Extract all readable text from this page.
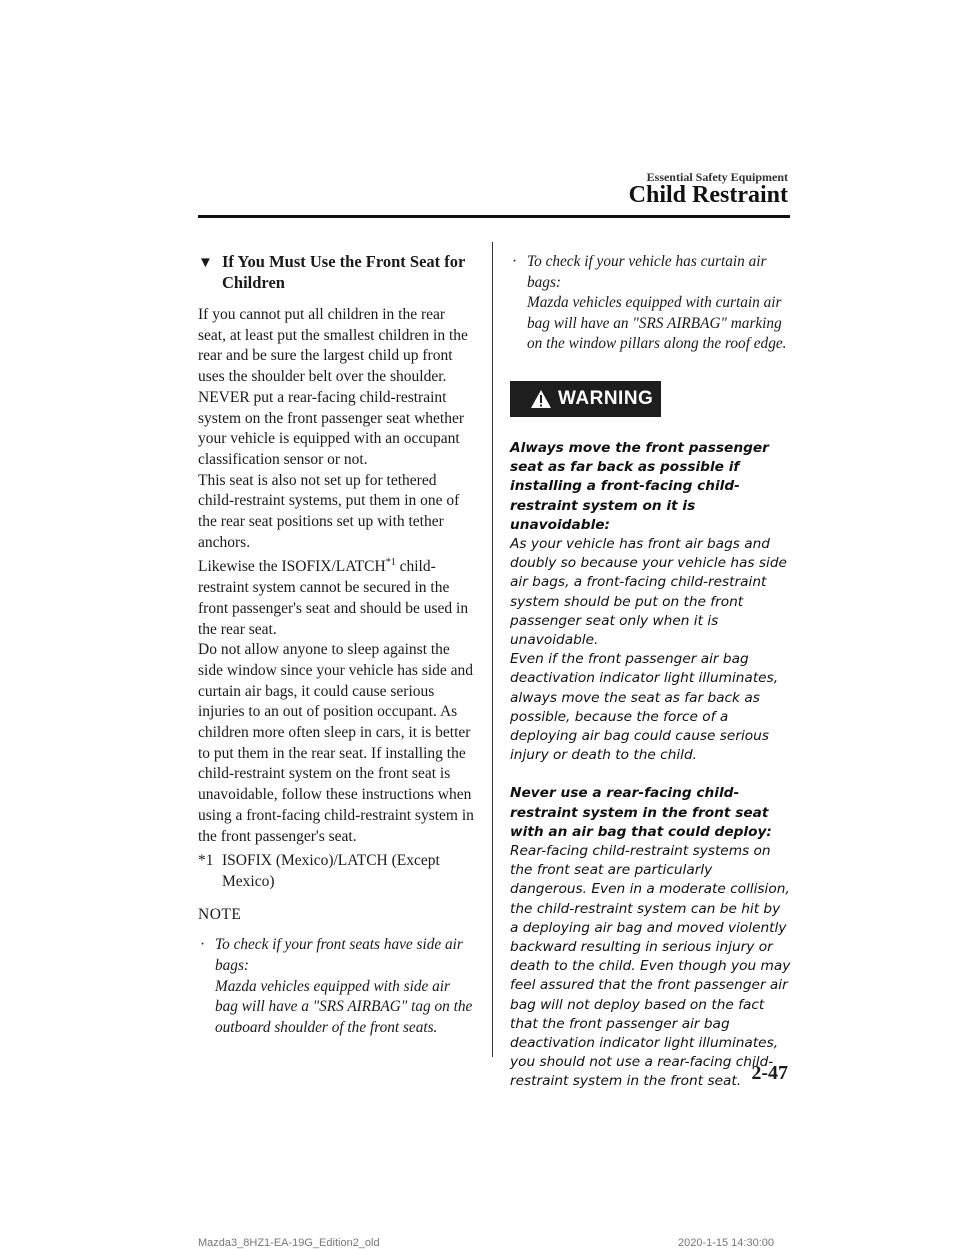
Essential Safety Equipment
Child Restraint
▼ If You Must Use the Front Seat for Children

If you cannot put all children in the rear seat, at least put the smallest children in the rear and be sure the largest child up front uses the shoulder belt over the shoulder.

NEVER put a rear-facing child-restraint system on the front passenger seat whether your vehicle is equipped with an occupant classification sensor or not.

This seat is also not set up for tethered child-restraint systems, put them in one of the rear seat positions set up with tether anchors.

Likewise the ISOFIX/LATCH$^{*1}$ child-restraint system cannot be secured in the front passenger's seat and should be used in the rear seat.

Do not allow anyone to sleep against the side window since your vehicle has side and curtain air bags, it could cause serious injuries to an out of position occupant. As children more often sleep in cars, it is better to put them in the rear seat. If installing the child-restraint system on the front seat is unavoidable, follow these instructions when using a front-facing child-restraint system in the front passenger's seat.

*1 ISOFIX (Mexico)/LATCH (Except Mexico)
NOTE
· To check if your front seats have side air bags:
Mazda vehicles equipped with side air bag will have a "SRS AIRBAG" tag on the outboard shoulder of the front seats.
· To check if your vehicle has curtain air bags:
Mazda vehicles equipped with curtain air bag will have an "SRS AIRBAG" marking on the window pillars along the roof edge.
WARNING
Always move the front passenger seat as far back as possible if installing a front-facing child-restraint system on it is unavoidable:
As your vehicle has front air bags and doubly so because your vehicle has side air bags, a front-facing child-restraint system should be put on the front passenger seat only when it is unavoidable.
Even if the front passenger air bag deactivation indicator light illuminates, always move the seat as far back as possible, because the force of a deploying air bag could cause serious injury or death to the child.
Never use a rear-facing child-restraint system in the front seat with an air bag that could deploy:
Rear-facing child-restraint systems on the front seat are particularly dangerous. Even in a moderate collision, the child-restraint system can be hit by a deploying air bag and moved violently backward resulting in serious injury or death to the child. Even though you may feel assured that the front passenger air bag will not deploy based on the fact that the front passenger air bag deactivation indicator light illuminates, you should not use a rear-facing child-restraint system in the front seat. 2-47
Mazda3_8HZ1-EA-19G_Edition2_old	2020-1-15 14:30:00
